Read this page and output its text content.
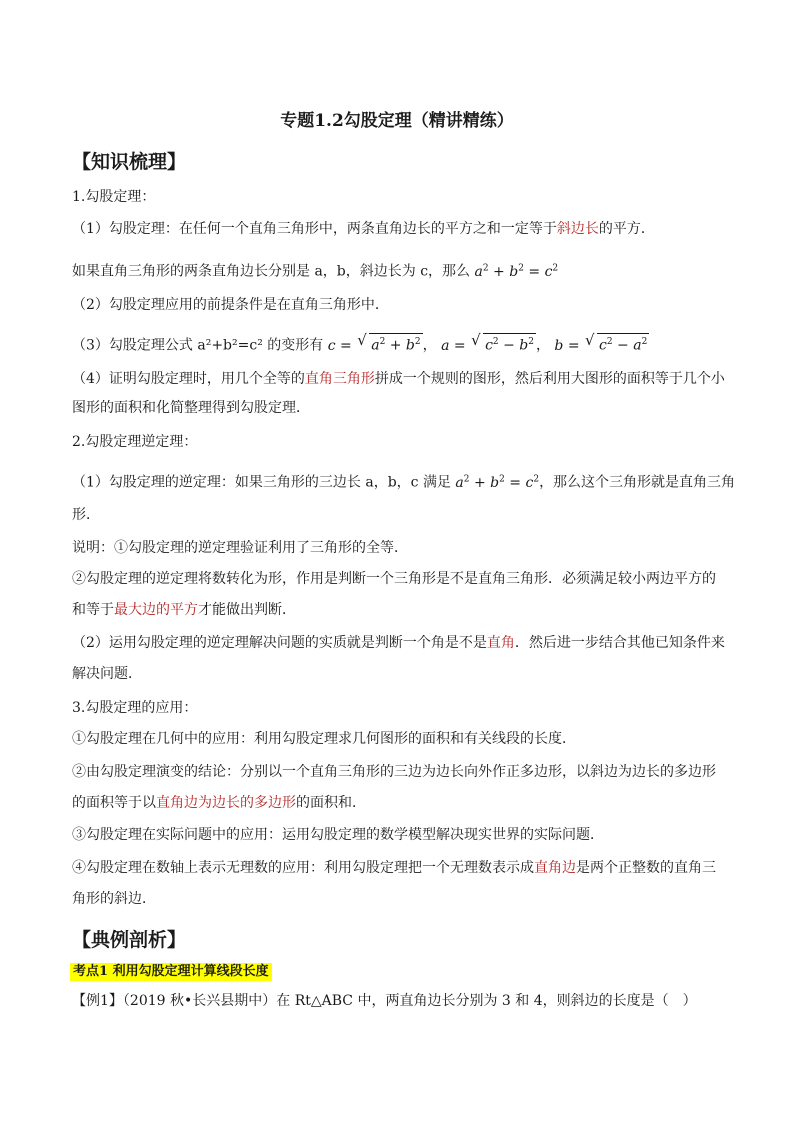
专题1.2勾股定理（精讲精练）
【知识梳理】
1.勾股定理：
（1）勾股定理：在任何一个直角三角形中，两条直角边长的平方之和一定等于斜边长的平方．
如果直角三角形的两条直角边长分别是 a，b，斜边长为 c，那么 $a^2 + b^2 = c^2$
（2）勾股定理应用的前提条件是在直角三角形中．
（3）勾股定理公式 a²+b²=c² 的变形有 c = √ $a^2 + b^2$ ， a = √ $c^2 - b^2$ ， b = √ $c^2 - a^2$
（4）证明勾股定理时，用几个全等的直角三角形拼成一个规则的图形，然后利用大图形的面积等于几个小
图形的面积和化简整理得到勾股定理．
2.勾股定理逆定理：
（1）勾股定理的逆定理：如果三角形的三边长 a，b，c 满足 $a^2 + b^2 = c^2$，那么这个三角形就是直角三角
形．
说明：①勾股定理的逆定理验证利用了三角形的全等．
②勾股定理的逆定理将数转化为形，作用是判断一个三角形是不是直角三角形．必须满足较小两边平方的
和等于最大边的平方才能做出判断．
（2）运用勾股定理的逆定理解决问题的实质就是判断一个角是不是直角．然后进一步结合其他已知条件来
解决问题．
3.勾股定理的应用：
①勾股定理在几何中的应用：利用勾股定理求几何图形的面积和有关线段的长度．
②由勾股定理演变的结论：分别以一个直角三角形的三边为边长向外作正多边形，以斜边为边长的多边形
的面积等于以直角边为边长的多边形的面积和．
③勾股定理在实际问题中的应用：运用勾股定理的数学模型解决现实世界的实际问题．
④勾股定理在数轴上表示无理数的应用：利用勾股定理把一个无理数表示成直角边是两个正整数的直角三
角形的斜边．
【典例剖析】
考点1 利用勾股定理计算线段长度
【例1】（2019 秋•长兴县期中）在 Rt△ABC 中，两直角边长分别为 3 和 4，则斜边的长度是（　）
